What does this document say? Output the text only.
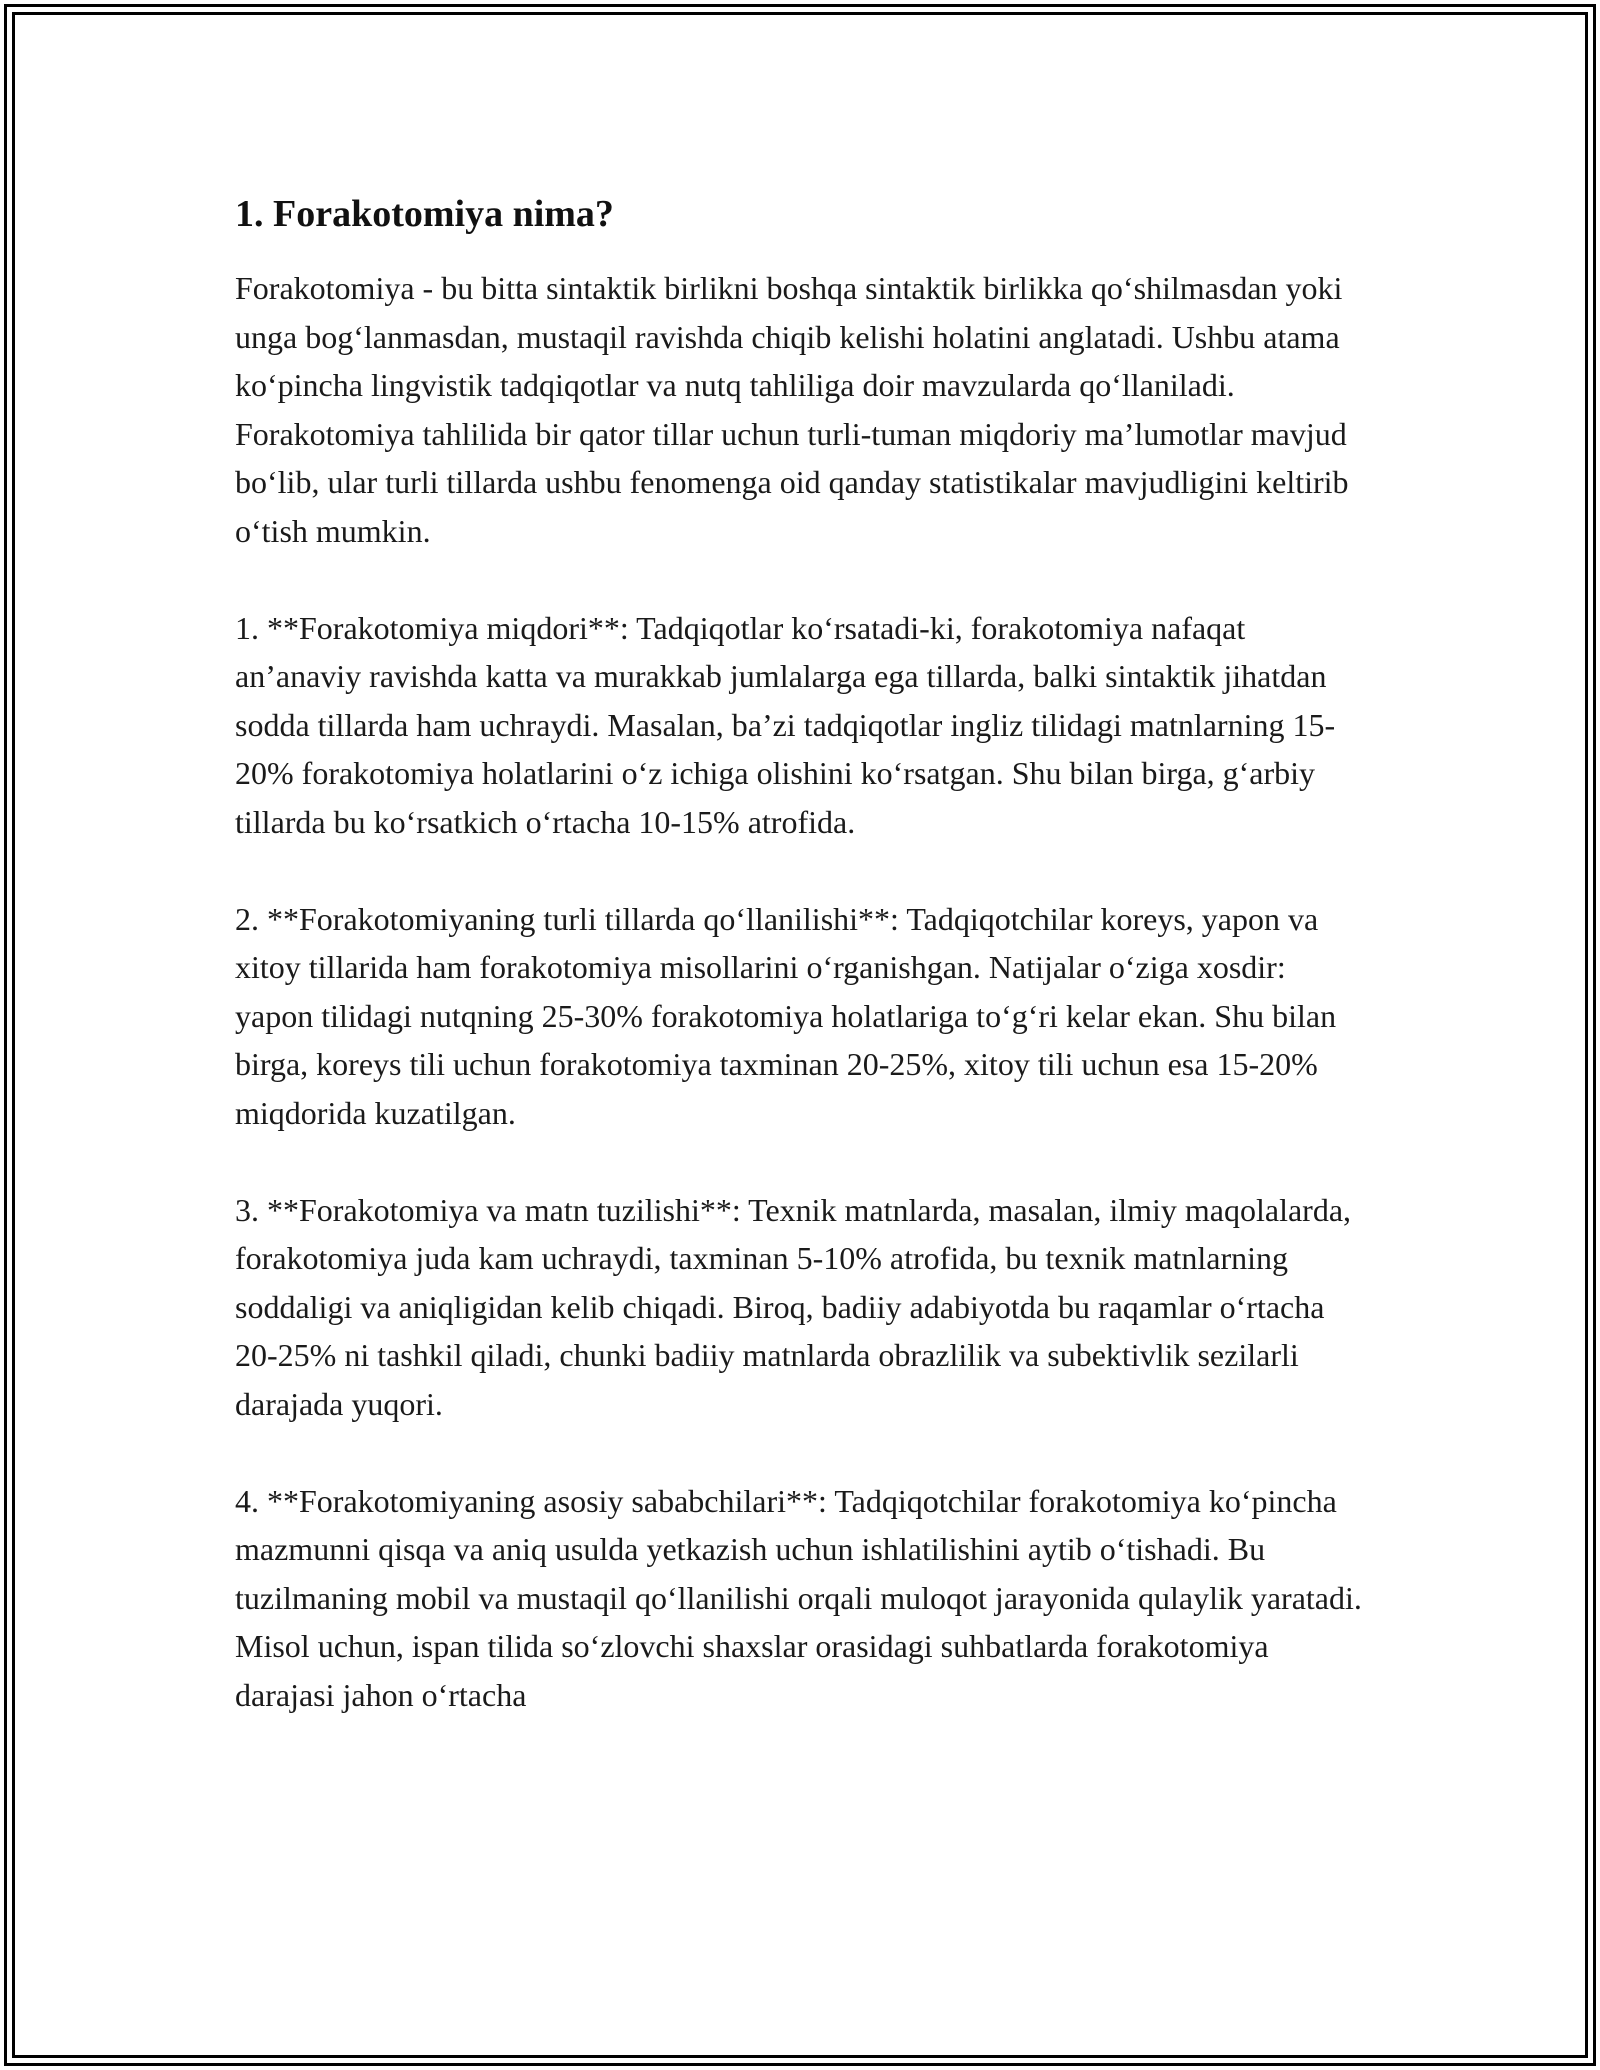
1. Forakotomiya nima?

Forakotomiya - bu bitta sintaktik birlikni boshqa sintaktik birlikka qo‘shilmasdan yoki unga bog‘lanmasdan, mustaqil ravishda chiqib kelishi holatini anglatadi. Ushbu atama ko‘pincha lingvistik tadqiqotlar va nutq tahliliga doir mavzularda qo‘llaniladi. Forakotomiya tahlilida bir qator tillar uchun turli-tuman miqdoriy ma’lumotlar mavjud bo‘lib, ular turli tillarda ushbu fenomenga oid qanday statistikalar mavjudligini keltirib o‘tish mumkin.

1. **Forakotomiya miqdori**: Tadqiqotlar ko‘rsatadi-ki, forakotomiya nafaqat an’anaviy ravishda katta va murakkab jumlalarga ega tillarda, balki sintaktik jihatdan sodda tillarda ham uchraydi. Masalan, ba’zi tadqiqotlar ingliz tilidagi matnlarning 15-20% forakotomiya holatlarini o‘z ichiga olishini ko‘rsatgan. Shu bilan birga, g‘arbiy tillarda bu ko‘rsatkich o‘rtacha 10-15% atrofida.

2. **Forakotomiyaning turli tillarda qo‘llanilishi**: Tadqiqotchilar koreys, yapon va xitoy tillarida ham forakotomiya misollarini o‘rganishgan. Natijalar o‘ziga xosdir: yapon tilidagi nutqning 25-30% forakotomiya holatlariga to‘g‘ri kelar ekan. Shu bilan birga, koreys tili uchun forakotomiya taxminan 20-25%, xitoy tili uchun esa 15-20% miqdorida kuzatilgan.

3. **Forakotomiya va matn tuzilishi**: Texnik matnlarda, masalan, ilmiy maqolalarda, forakotomiya juda kam uchraydi, taxminan 5-10% atrofida, bu texnik matnlarning soddaligi va aniqligidan kelib chiqadi. Biroq, badiiy adabiyotda bu raqamlar o‘rtacha 20-25% ni tashkil qiladi, chunki badiiy matnlarda obrazlilik va subektivlik sezilarli darajada yuqori.

4. **Forakotomiyaning asosiy sababchilari**: Tadqiqotchilar forakotomiya ko‘pincha mazmunni qisqa va aniq usulda yetkazish uchun ishlatilishini aytib o‘tishadi. Bu tuzilmaning mobil va mustaqil qo‘llanilishi orqali muloqot jarayonida qulaylik yaratadi. Misol uchun, ispan tilida so‘zlovchi shaxslar orasidagi suhbatlarda forakotomiya darajasi jahon o‘rtacha
